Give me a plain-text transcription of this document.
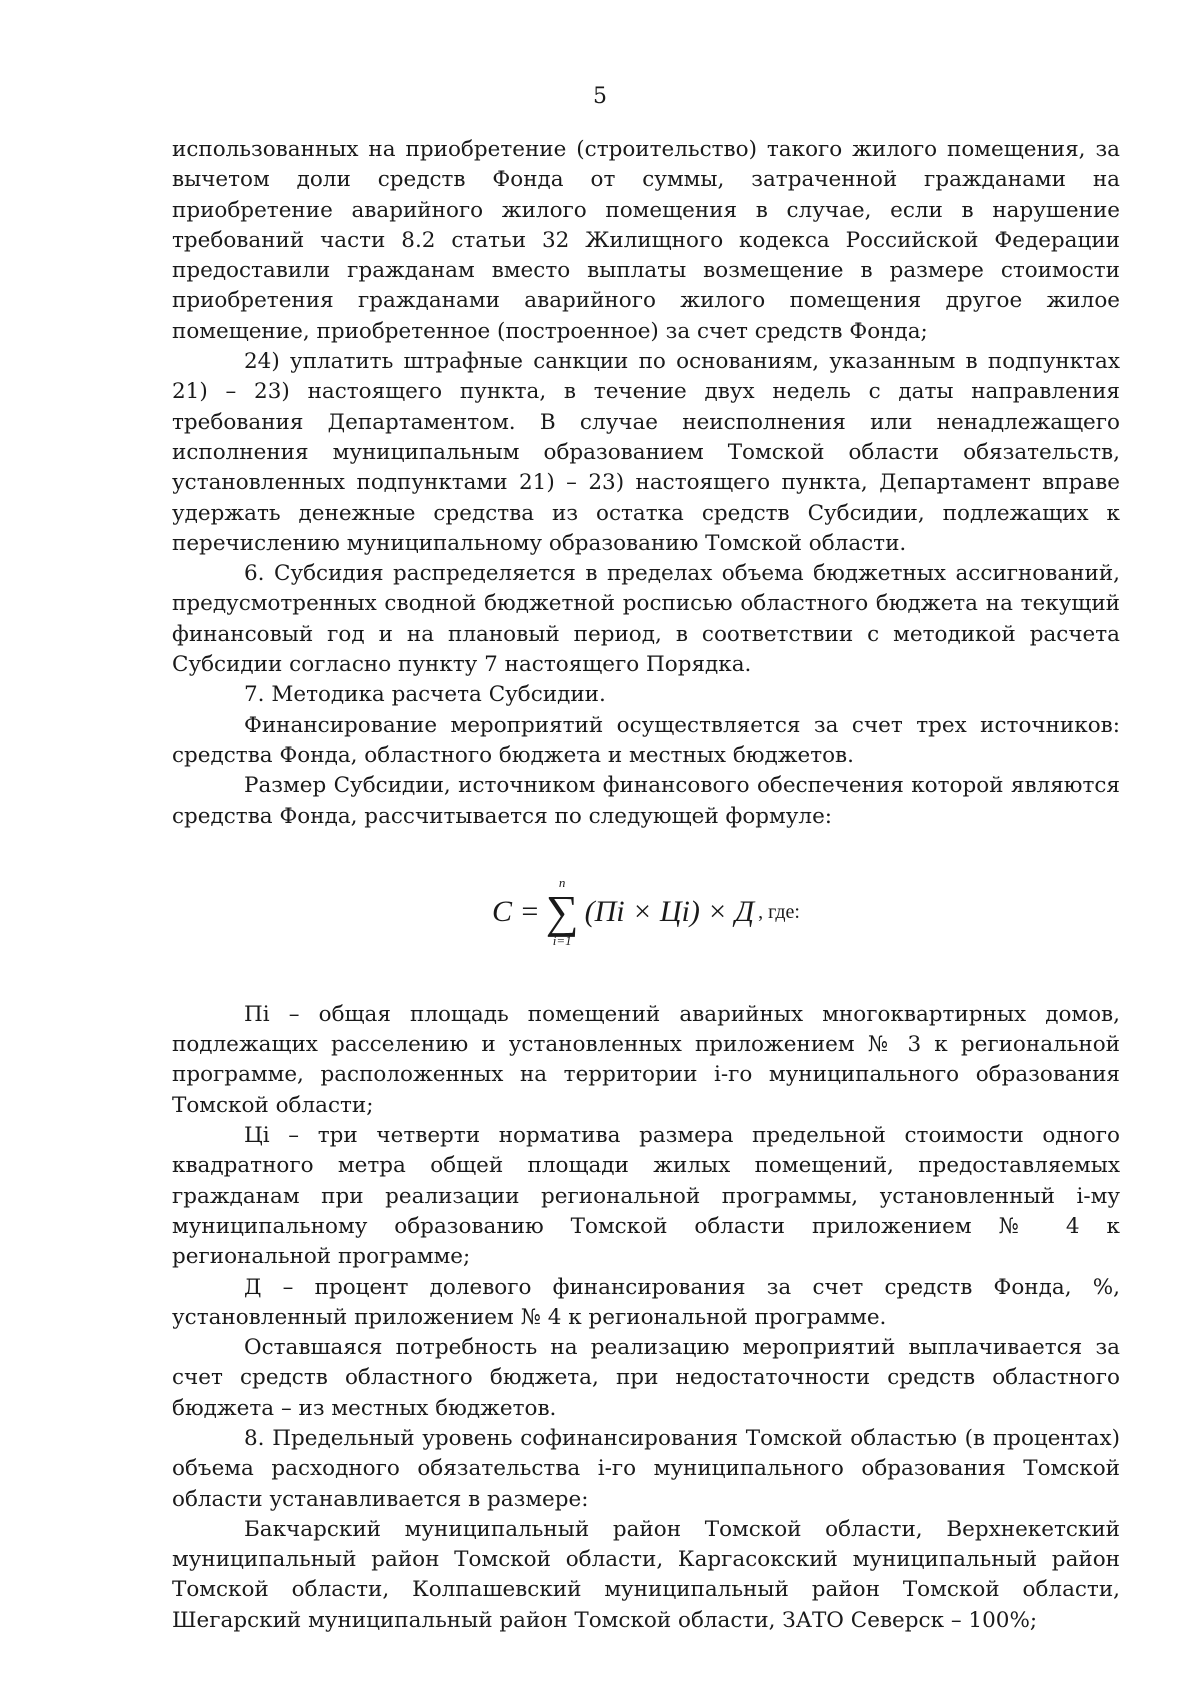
5

использованных на приобретение (строительство) такого жилого помещения, за вычетом доли средств Фонда от суммы, затраченной гражданами на приобретение аварийного жилого помещения в случае, если в нарушение требований части 8.2 статьи 32 Жилищного кодекса Российской Федерации предоставили гражданам вместо выплаты возмещение в размере стоимости приобретения гражданами аварийного жилого помещения другое жилое помещение, приобретенное (построенное) за счет средств Фонда;

24) уплатить штрафные санкции по основаниям, указанным в подпунктах 21) – 23) настоящего пункта, в течение двух недель с даты направления требования Департаментом. В случае неисполнения или ненадлежащего исполнения муниципальным образованием Томской области обязательств, установленных подпунктами 21) – 23) настоящего пункта, Департамент вправе удержать денежные средства из остатка средств Субсидии, подлежащих к перечислению муниципальному образованию Томской области.

6. Субсидия распределяется в пределах объема бюджетных ассигнований, предусмотренных сводной бюджетной росписью областного бюджета на текущий финансовый год и на плановый период, в соответствии с методикой расчета Субсидии согласно пункту 7 настоящего Порядка.

7. Методика расчета Субсидии.

Финансирование мероприятий осуществляется за счет трех источников: средства Фонда, областного бюджета и местных бюджетов.

Размер Субсидии, источником финансового обеспечения которой являются средства Фонда, рассчитывается по следующей формуле:

С =
n
∑
i=1
(Пi × Цi) × Д , где:

Пi – общая площадь помещений аварийных многоквартирных домов, подлежащих расселению и установленных приложением № 3 к региональной программе, расположенных на территории i-го муниципального образования Томской области;

Цi – три четверти норматива размера предельной стоимости одного квадратного метра общей площади жилых помещений, предоставляемых гражданам при реализации региональной программы, установленный i-му муниципальному образованию Томской области приложением № 4 к региональной программе;

Д – процент долевого финансирования за счет средств Фонда, %, установленный приложением № 4 к региональной программе.

Оставшаяся потребность на реализацию мероприятий выплачивается за счет средств областного бюджета, при недостаточности средств областного бюджета – из местных бюджетов.

8. Предельный уровень софинансирования Томской областью (в процентах) объема расходного обязательства i-го муниципального образования Томской области устанавливается в размере:

Бакчарский муниципальный район Томской области, Верхнекетский муниципальный район Томской области, Каргасокский муниципальный район Томской области, Колпашевский муниципальный район Томской области, Шегарский муниципальный район Томской области, ЗАТО Северск – 100%;
